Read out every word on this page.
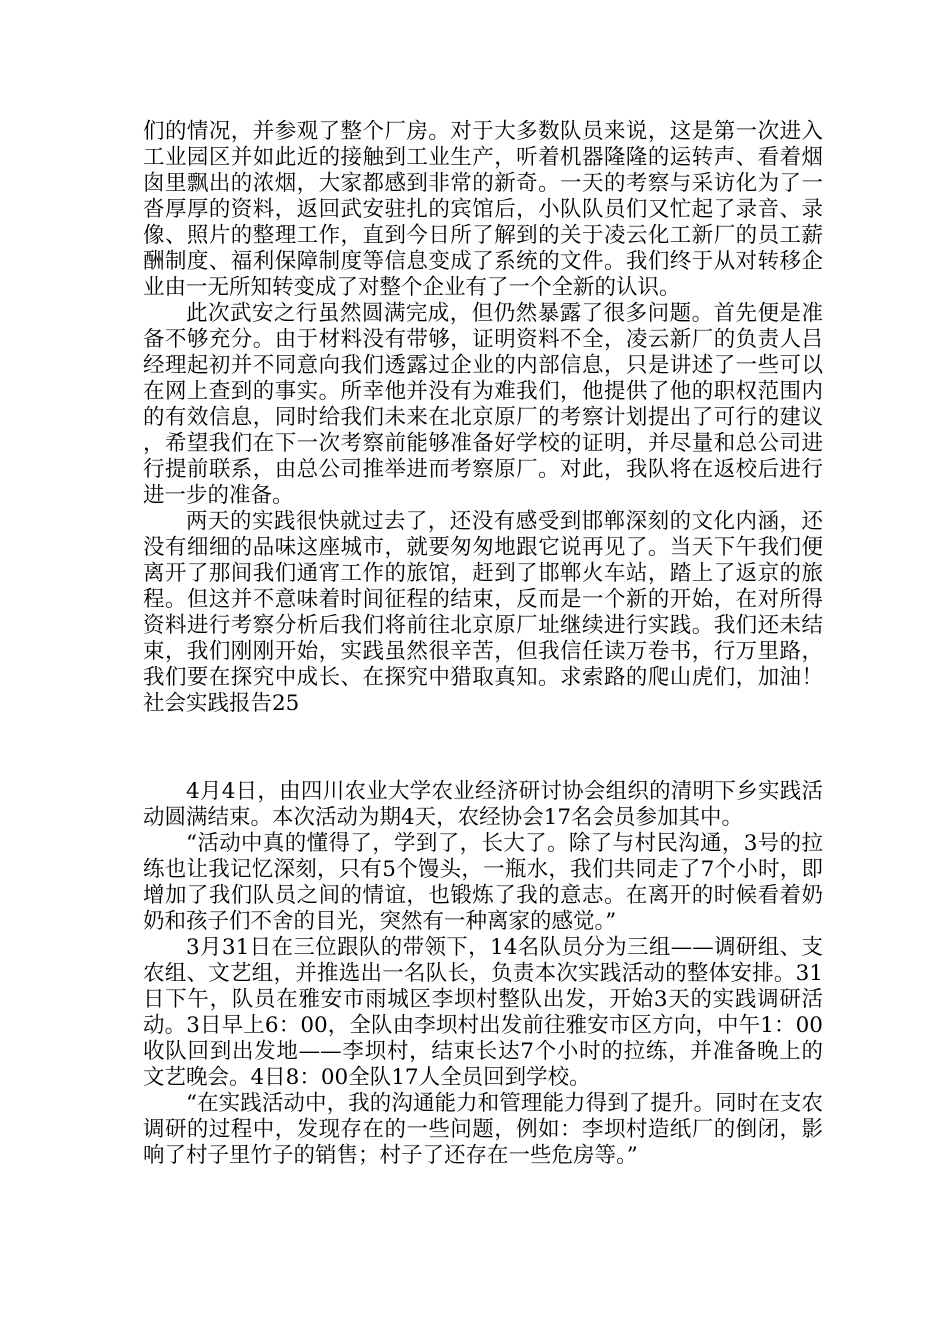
们的情况，并参观了整个厂房。对于大多数队员来说，这是第一次进入工业园区并如此近的接触到工业生产，听着机器隆隆的运转声、看着烟囱里飘出的浓烟，大家都感到非常的新奇。一天的考察与采访化为了一沓厚厚的资料，返回武安驻扎的宾馆后，小队队员们又忙起了录音、录像、照片的整理工作，直到今日所了解到的关于凌云化工新厂的员工薪酬制度、福利保障制度等信息变成了系统的文件。我们终于从对转移企业由一无所知转变成了对整个企业有了一个全新的认识。

此次武安之行虽然圆满完成，但仍然暴露了很多问题。首先便是准备不够充分。由于材料没有带够，证明资料不全，凌云新厂的负责人吕经理起初并不同意向我们透露过企业的内部信息，只是讲述了一些可以在网上查到的事实。所幸他并没有为难我们，他提供了他的职权范围内的有效信息，同时给我们未来在北京原厂的考察计划提出了可行的建议，希望我们在下一次考察前能够准备好学校的证明，并尽量和总公司进行提前联系，由总公司推举进而考察原厂。对此，我队将在返校后进行进一步的准备。

两天的实践很快就过去了，还没有感受到邯郸深刻的文化内涵，还没有细细的品味这座城市，就要匆匆地跟它说再见了。当天下午我们便离开了那间我们通宵工作的旅馆，赶到了邯郸火车站，踏上了返京的旅程。但这并不意味着时间征程的结束，反而是一个新的开始，在对所得资料进行考察分析后我们将前往北京原厂址继续进行实践。我们还未结束，我们刚刚开始，实践虽然很辛苦，但我信任读万卷书，行万里路，我们要在探究中成长、在探究中猎取真知。求索路的爬山虎们，加油！社会实践报告25

4月4日，由四川农业大学农业经济研讨协会组织的清明下乡实践活动圆满结束。本次活动为期4天，农经协会17名会员参加其中。

“活动中真的懂得了，学到了，长大了。除了与村民沟通，3号的拉练也让我记忆深刻，只有5个馒头，一瓶水，我们共同走了7个小时，即增加了我们队员之间的情谊，也锻炼了我的意志。在离开的时候看着奶奶和孩子们不舍的目光，突然有一种离家的感觉。”

3月31日在三位跟队的带领下，14名队员分为三组——调研组、支农组、文艺组，并推选出一名队长，负责本次实践活动的整体安排。31日下午，队员在雅安市雨城区李坝村整队出发，开始3天的实践调研活动。3日早上6：00，全队由李坝村出发前往雅安市区方向，中午1：00收队回到出发地——李坝村，结束长达7个小时的拉练，并准备晚上的文艺晚会。4日8：00全队17人全员回到学校。

“在实践活动中，我的沟通能力和管理能力得到了提升。同时在支农调研的过程中，发现存在的一些问题，例如：李坝村造纸厂的倒闭，影响了村子里竹子的销售；村子了还存在一些危房等。”
